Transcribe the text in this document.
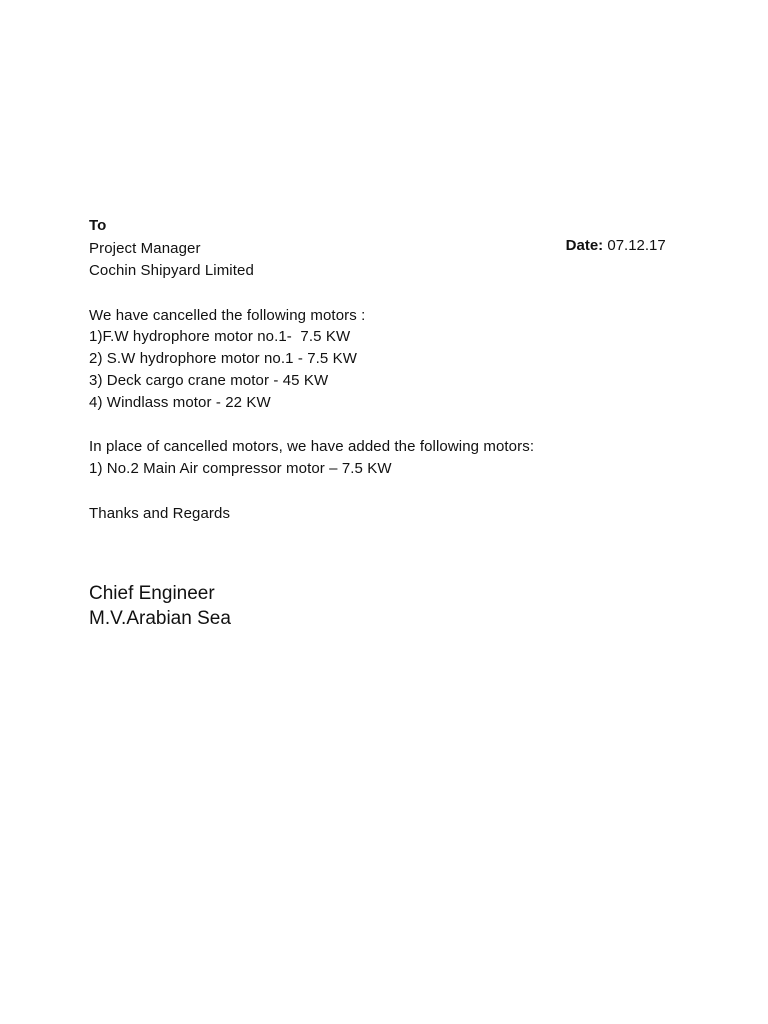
To

Date: 07.12.17

Project Manager
Cochin Shipyard Limited
We have cancelled the following motors :
1)F.W hydrophore motor no.1-  7.5 KW
2) S.W hydrophore motor no.1 - 7.5 KW
3) Deck cargo crane motor - 45 KW
4) Windlass motor - 22 KW
In place of cancelled motors, we have added the following motors:
1) No.2 Main Air compressor motor – 7.5 KW
Thanks and Regards
Chief Engineer
M.V.Arabian Sea
